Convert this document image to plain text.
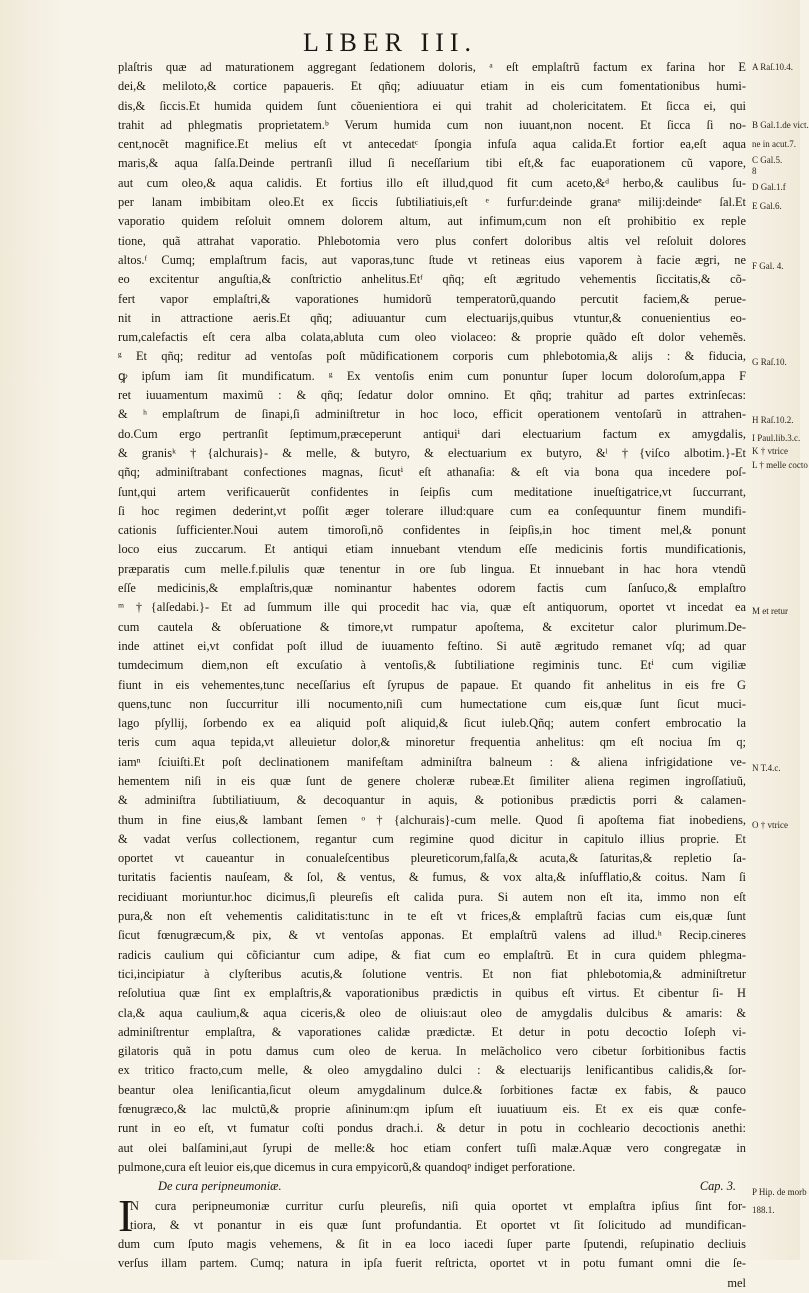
LIBER III.
plaſtris quæ ad maturationem aggregant ſedationem doloris, ᵃ eſt emplaſtrũ factum ex farina hor E
dei,& meliloto,& cortice papaueris. Et qñq; adiuuatur etiam in eis cum fomentationibus humi-
dis,& ſiccis.Et humida quidem ſunt cõuenientiora ei qui trahit ad cholericitatem. Et ſicca ei, qui
trahit ad phlegmatis proprietatem.ᵇ Verum humida cum non iuuant,non nocent. Et ſicca ſi no-
cent,nocẽt magnifice.Et melius eſt vt antecedatᶜ ſpongia infuſa aqua calida.Et fortior ea,eſt aqua
maris,& aqua ſalſa.Deinde pertranſi illud ſi neceſſarium tibi eſt,& fac euaporationem cũ vapore,
aut cum oleo,& aqua calidis. Et fortius illo eſt illud,quod fit cum aceto,&ᵈ herbo,& caulibus ſu-
per lanam imbibitam oleo.Et ex ſiccis ſubtiliatiuis,eſt ᵉ furfur:deinde granaᵉ milij:deindeᵉ ſal.Et
vaporatio quidem reſoluit omnem dolorem altum, aut infimum,cum non eſt prohibitio ex reple
tione, quã attrahat vaporatio. Phlebotomia vero plus confert doloribus altis vel reſoluit dolores
altos.ᶠ Cumq; emplaſtrum facis, aut vaporas,tunc ſtude vt retineas eius vaporem à facie ægri, ne
eo excitentur anguſtia,& conſtrictio anhelitus.Etᶠ qñq; eſt ægritudo vehementis ſiccitatis,& cõ-
fert vapor emplaſtri,& vaporationes humidorũ temperatorũ,quando percutit faciem,& perue-
nit in attractione aeris.Et qñq; adiuuantur cum electuarijs,quibus vtuntur,& conuenientius eo-
rum,calefactis eſt cera alba colata,abluta cum oleo violaceo: & proprie quãdo eſt dolor vehemẽs.
ᵍ Et qñq; reditur ad ventoſas poſt mũdificationem corporis cum phlebotomia,& alijs : & fiducia,
ꝙ ipſum iam ſit mundificatum. ᵍ Ex ventoſis enim cum ponuntur ſuper locum doloroſum,appa F
ret iuuamentum maximũ : & qñq; ſedatur dolor omnino. Et qñq; trahitur ad partes extrinſecas:
& ʰ emplaſtrum de ſinapi,ſi adminiſtretur in hoc loco, efficit operationem ventoſarũ in attrahen-
do.Cum ergo pertranſit ſeptimum,præceperunt antiquiⁱ dari electuarium factum ex amygdalis,
& granisᵏ †{alchurais}‑ & melle, & butyro, & electuarium ex butyro, &ˡ †{viſco albotim.}‑Et
qñq; adminiſtrabant confectiones magnas, ſicutⁱ eſt athanaſia: & eſt via bona qua incedere poſ-
ſunt,qui artem verificauerũt confidentes in ſeipſis cum meditatione inueſtigatrice,vt ſuccurrant,
ſi hoc regimen dederint,vt poſſit æger tolerare illud:quare cum ea conſequuntur finem mundifi-
cationis ſufficienter.Noui autem timoroſi,nõ confidentes in ſeipſis,in hoc timent mel,& ponunt
loco eius zuccarum. Et antiqui etiam innuebant vtendum eſſe medicinis fortis mundificationis,
præparatis cum melle.f.pilulis quæ tenentur in ore ſub lingua. Et innuebant in hac hora vtendũ
eſſe medicinis,& emplaſtris,quæ nominantur habentes odorem factis cum ſanſuco,& emplaſtro
ᵐ †{alſedabi.}‑ Et ad ſummum ille qui procedit hac via, quæ eſt antiquorum, oportet vt incedat ea
cum cautela & obſeruatione & timore,vt rumpatur apoſtema, & excitetur calor plurimum.De-
inde attinet ei,vt confidat poſt illud de iuuamento feſtino. Si autẽ ægritudo remanet vſq; ad quar
tumdecimum diem,non eſt excuſatio à ventoſis,& ſubtiliatione regiminis tunc. Etⁱ cum vigiliæ
fiunt in eis vehementes,tunc neceſſarius eſt ſyrupus de papaue. Et quando fit anhelitus in eis fre G
quens,tunc non ſuccurritur illi nocumento,niſi cum humectatione cum eis,quæ ſunt ſicut muci-
lago pſyllij, ſorbendo ex ea aliquid poſt aliquid,& ſicut iuleb.Qñq; autem confert embrocatio la
teris cum aqua tepida,vt alleuietur dolor,& minoretur frequentia anhelitus: qm eſt nociua ſm q;
iamⁿ ſciuiſti.Et poſt declinationem manifeſtam adminiſtra balneum : & aliena infrigidatione ve-
hementem niſi in eis quæ ſunt de genere choleræ rubeæ.Et ſimiliter aliena regimen ingroſſatiuũ,
& adminiſtra ſubtiliatiuum, & decoquantur in aquis, & potionibus prædictis porri & calamen-
thum in fine eius,& lambant ſemen ᵒ†{alchurais}‑cum melle. Quod ſi apoſtema fiat inobediens,
& vadat verſus collectionem, regantur cum regimine quod dicitur in capitulo illius proprie. Et
oportet vt caueantur in conualeſcentibus pleureticorum,falſa,& acuta,& ſaturitas,& repletio ſa-
turitatis facientis nauſeam, & ſol, & ventus, & fumus, & vox alta,& inſufflatio,& coitus. Nam ſi
recidiuant moriuntur.hoc dicimus,ſi pleureſis eſt calida pura. Si autem non eſt ita, immo non eſt
pura,& non eſt vehementis caliditatis:tunc in te eſt vt frices,& emplaſtrũ facias cum eis,quæ ſunt
ſicut fœnugræcum,& pix, & vt ventoſas apponas. Et emplaſtrũ valens ad illud.ʰ Recip.cineres
radicis caulium qui cõficiantur cum adipe, & fiat cum eo emplaſtrũ. Et in cura quidem phlegma-
tici,incipiatur à clyſteribus acutis,& ſolutione ventris. Et non fiat phlebotomia,& adminiſtretur
reſolutiua quæ ſint ex emplaſtris,& vaporationibus prædictis in quibus eſt virtus. Et cibentur ſi- H
cla,& aqua caulium,& aqua ciceris,& oleo de oliuis:aut oleo de amygdalis dulcibus & amaris: &
adminiſtrentur emplaſtra, & vaporationes calidæ prædictæ. Et detur in potu decoctio Ioſeph vi-
gilatoris quã in potu damus cum oleo de kerua. In melãcholico vero cibetur ſorbitionibus factis
ex tritico fracto,cum melle, & oleo amygdalino dulci : & electuarijs lenificantibus calidis,& ſor-
beantur olea leniſicantia,ſicut oleum amygdalinum dulce.& ſorbitiones factæ ex fabis, & pauco
fœnugræco,& lac mulctũ,& proprie aſininum:qm ipſum eſt iuuatiuum eis. Et ex eis quæ confe-
runt in eo eſt, vt fumatur coſti pondus drach.i. & detur in potu in cochleario decoctionis anethi:
aut olei balſamini,aut ſyrupi de melle:& hoc etiam confert tuſſi malæ.Aquæ vero congregatæ in
pulmone,cura eſt leuior eis,que dicemus in cura empyicorũ,& quandoqᵖ indiget perforatione.
De cura peripneumoniæ.	Cap. 3.
N cura peripneumoniæ curritur curſu pleureſis, niſi quia oportet vt emplaſtra ipſius ſint for-
tiora, & vt ponantur in eis quæ ſunt profundantia. Et oportet vt ſit ſolicitudo ad mundifican-
dum cum ſputo magis vehemens, & ſit in ea loco iacedi ſuper parte ſputendi, reſupinatio decliuis
verſus illam partem. Cumq; natura in ipſa fuerit reſtricta, oportet vt in potu fumant omni die ſe-
mel
A Raſ.10.4.
B Gal.1.de vict.
ne in acut.7.
C Gal.5.
8
D Gal.1.f
E Gal.6.
F Gal. 4.
G Raſ.10.
H Raſ.10.2.
I Paul.lib.3.c.
K † vtrice
L † melle cocto
M et retur
N T.4.c.
O † vtrice
P Hip. de morb
188.1.
I
